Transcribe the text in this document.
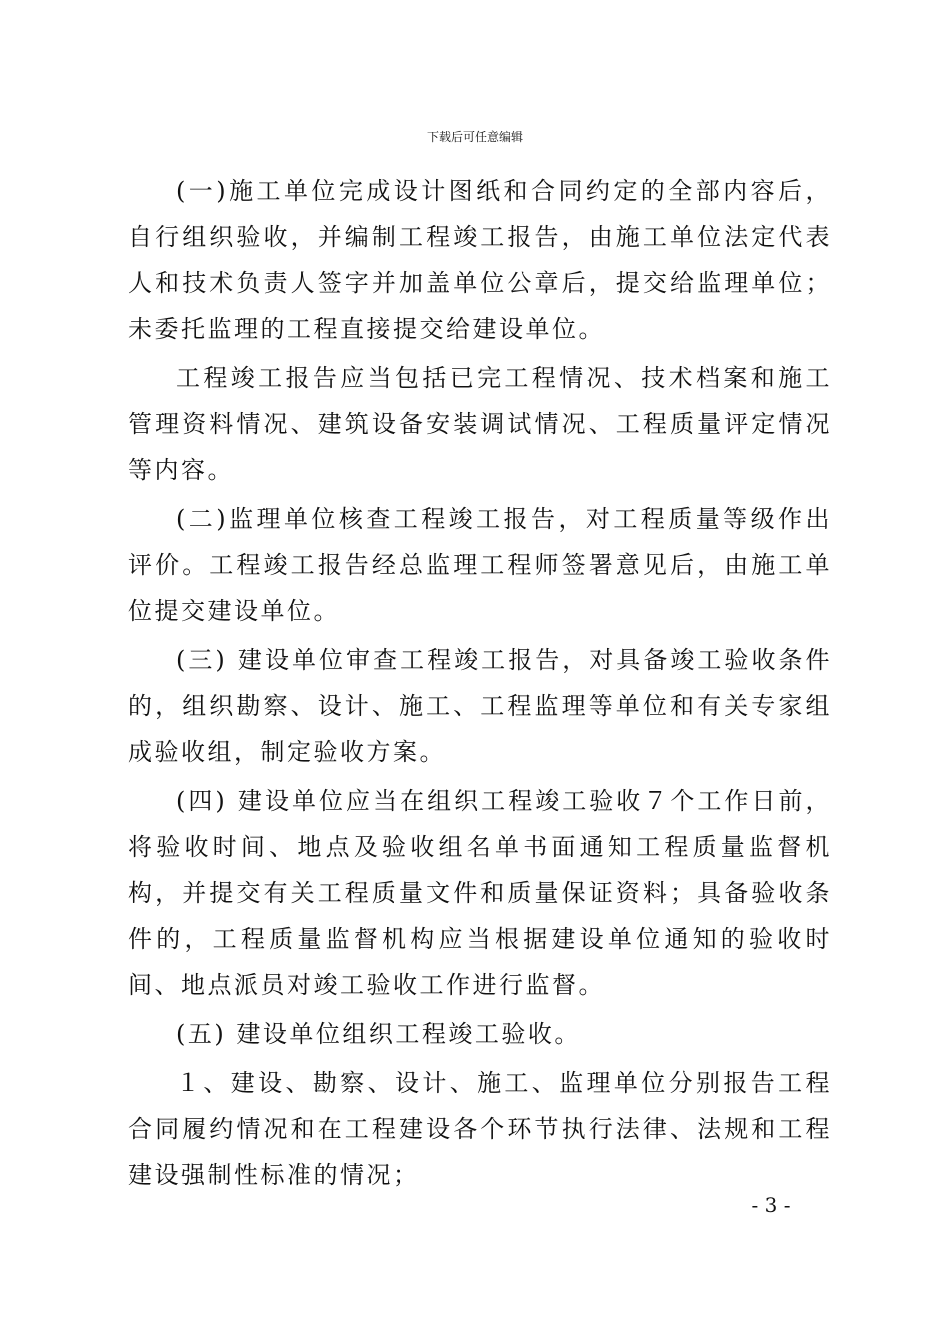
下载后可任意编辑

(一)施工单位完成设计图纸和合同约定的全部内容后，自行组织验收，并编制工程竣工报告，由施工单位法定代表人和技术负责人签字并加盖单位公章后，提交给监理单位；未委托监理的工程直接提交给建设单位。

工程竣工报告应当包括已完工程情况、技术档案和施工管理资料情况、建筑设备安装调试情况、工程质量评定情况等内容。

(二)监理单位核查工程竣工报告，对工程质量等级作出评价。工程竣工报告经总监理工程师签署意见后，由施工单位提交建设单位。

(三) 建设单位审查工程竣工报告，对具备竣工验收条件的，组织勘察、设计、施工、工程监理等单位和有关专家组成验收组，制定验收方案。

(四) 建设单位应当在组织工程竣工验收７个工作日前，将验收时间、地点及验收组名单书面通知工程质量监督机构，并提交有关工程质量文件和质量保证资料；具备验收条件的，工程质量监督机构应当根据建设单位通知的验收时间、地点派员对竣工验收工作进行监督。

(五) 建设单位组织工程竣工验收。

１、建设、勘察、设计、施工、监理单位分别报告工程合同履约情况和在工程建设各个环节执行法律、法规和工程建设强制性标准的情况；

- 3 -
